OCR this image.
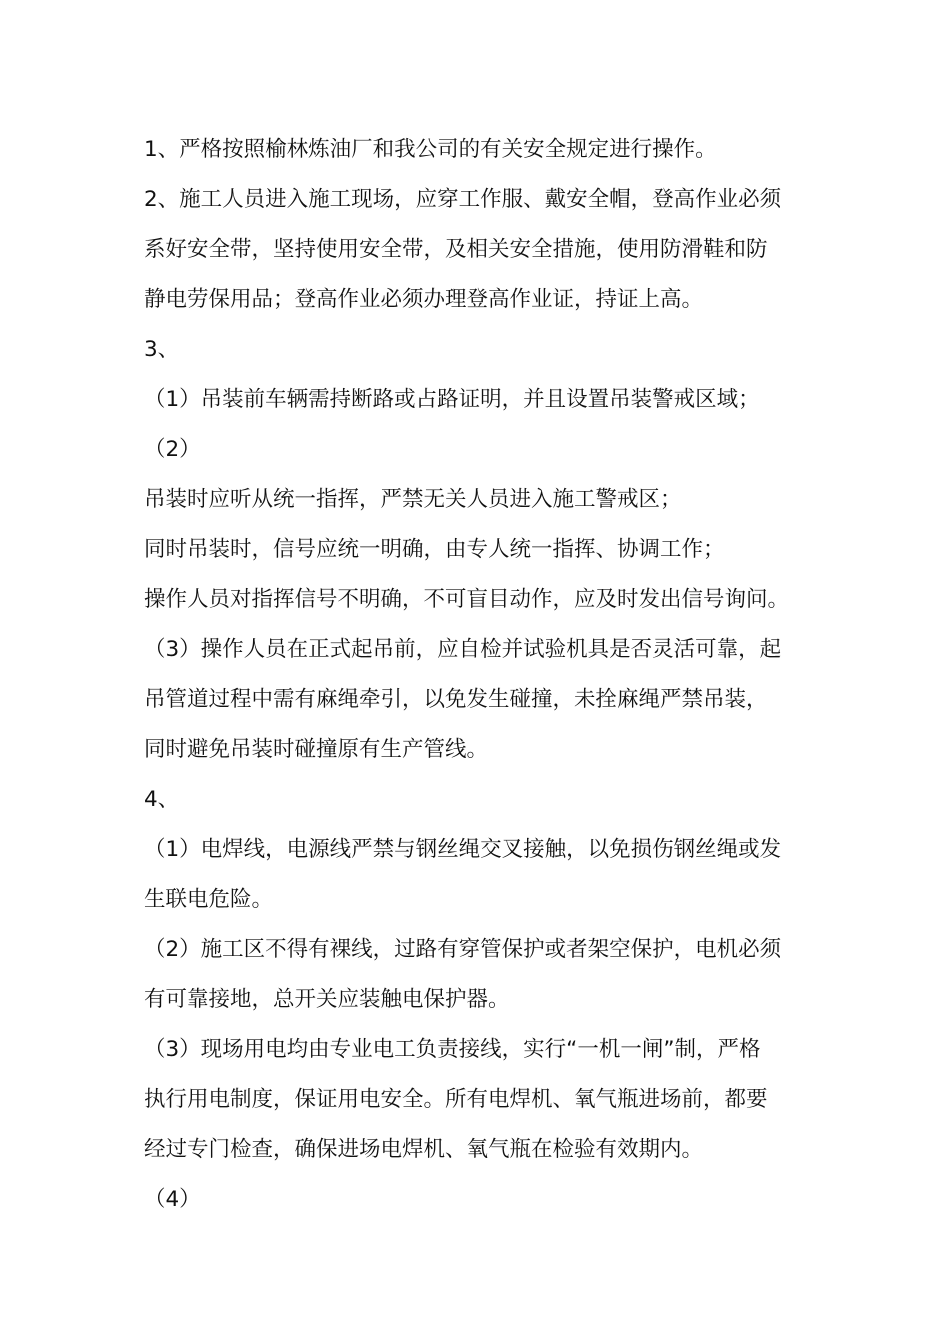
1、严格按照榆林炼油厂和我公司的有关安全规定进行操作。
2、施工人员进入施工现场，应穿工作服、戴安全帽，登高作业必须
系好安全带，坚持使用安全带，及相关安全措施，使用防滑鞋和防
静电劳保用品；登高作业必须办理登高作业证，持证上高。
3、
（1）吊装前车辆需持断路或占路证明，并且设置吊装警戒区域；
（2）
吊装时应听从统一指挥，严禁无关人员进入施工警戒区；
同时吊装时，信号应统一明确，由专人统一指挥、协调工作；
操作人员对指挥信号不明确，不可盲目动作，应及时发出信号询问。
（3）操作人员在正式起吊前，应自检并试验机具是否灵活可靠，起
吊管道过程中需有麻绳牵引，以免发生碰撞，未拴麻绳严禁吊装，
同时避免吊装时碰撞原有生产管线。
4、
（1）电焊线，电源线严禁与钢丝绳交叉接触，以免损伤钢丝绳或发
生联电危险。
（2）施工区不得有裸线，过路有穿管保护或者架空保护，电机必须
有可靠接地，总开关应装触电保护器。
（3）现场用电均由专业电工负责接线，实行“一机一闸”制，严格
执行用电制度，保证用电安全。所有电焊机、氧气瓶进场前，都要
经过专门检查，确保进场电焊机、氧气瓶在检验有效期内。
（4）
